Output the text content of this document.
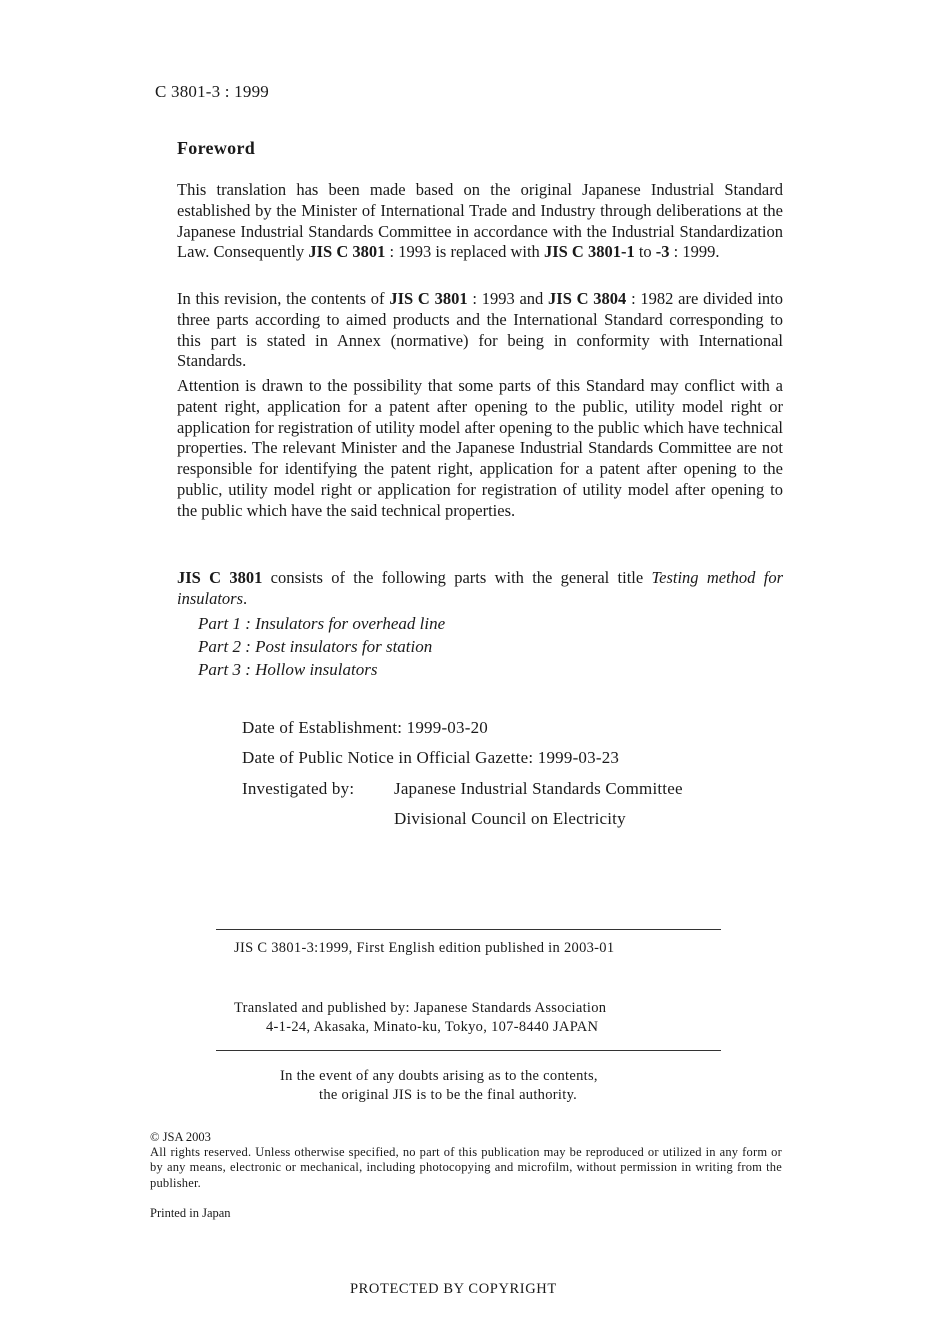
C 3801-3 : 1999
Foreword

This translation has been made based on the original Japanese Industrial Standard established by the Minister of International Trade and Industry through deliberations at the Japanese Industrial Standards Committee in accordance with the Industrial Standardization Law. Consequently JIS C 3801 : 1993 is replaced with JIS C 3801-1 to -3 : 1999.

In this revision, the contents of JIS C 3801 : 1993 and JIS C 3804 : 1982 are divided into three parts according to aimed products and the International Standard corresponding to this part is stated in Annex (normative) for being in conformity with International Standards.

Attention is drawn to the possibility that some parts of this Standard may conflict with a patent right, application for a patent after opening to the public, utility model right or application for registration of utility model after opening to the public which have technical properties. The relevant Minister and the Japanese Industrial Standards Committee are not responsible for identifying the patent right, application for a patent after opening to the public, utility model right or application for registration of utility model after opening to the public which have the said technical properties.

JIS C 3801 consists of the following parts with the general title Testing method for insulators.

Part 1 : Insulators for overhead line
Part 2 : Post insulators for station
Part 3 : Hollow insulators
Date of Establishment: 1999-03-20
Date of Public Notice in Official Gazette: 1999-03-23
Investigated by: Japanese Industrial Standards Committee
Divisional Council on Electricity
JIS C 3801-3:1999, First English edition published in 2003-01
Translated and published by: Japanese Standards Association
4-1-24, Akasaka, Minato-ku, Tokyo, 107-8440 JAPAN
In the event of any doubts arising as to the contents,
the original JIS is to be the final authority.
© JSA 2003

All rights reserved. Unless otherwise specified, no part of this publication may be reproduced or utilized in any form or by any means, electronic or mechanical, including photocopying and microfilm, without permission in writing from the publisher.

Printed in Japan
PROTECTED BY COPYRIGHT
